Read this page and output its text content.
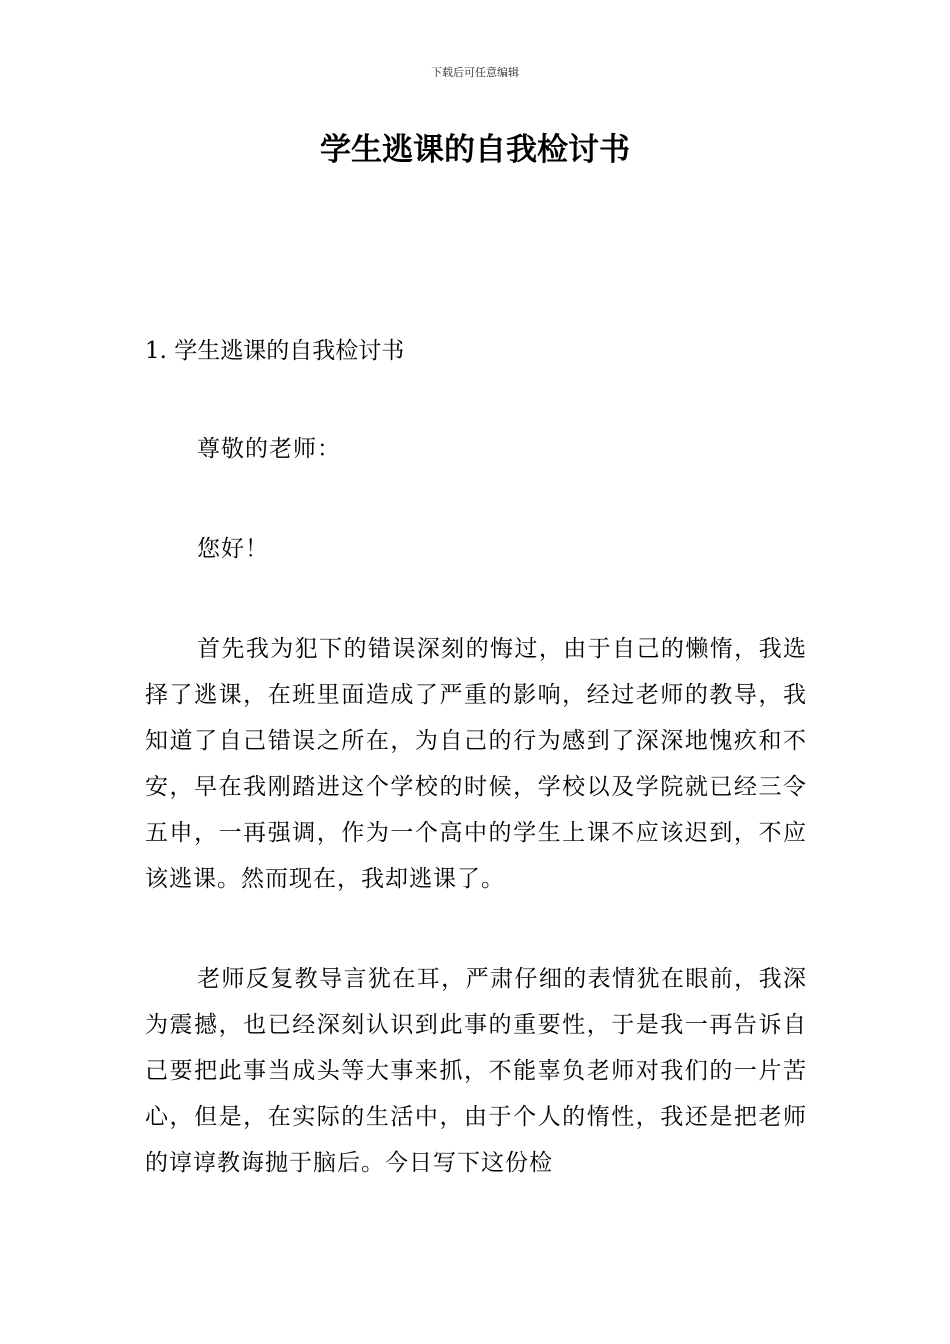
下载后可任意编辑
学生逃课的自我检讨书

1. 学生逃课的自我检讨书

尊敬的老师：

您好！

首先我为犯下的错误深刻的悔过，由于自己的懒惰，我选择了逃课，在班里面造成了严重的影响，经过老师的教导，我知道了自己错误之所在，为自己的行为感到了深深地愧疚和不安，早在我刚踏进这个学校的时候，学校以及学院就已经三令五申，一再强调，作为一个高中的学生上课不应该迟到，不应该逃课。然而现在，我却逃课了。

老师反复教导言犹在耳，严肃仔细的表情犹在眼前，我深为震撼，也已经深刻认识到此事的重要性，于是我一再告诉自己要把此事当成头等大事来抓，不能辜负老师对我们的一片苦心，但是，在实际的生活中，由于个人的惰性，我还是把老师的谆谆教诲抛于脑后。今日写下这份检
